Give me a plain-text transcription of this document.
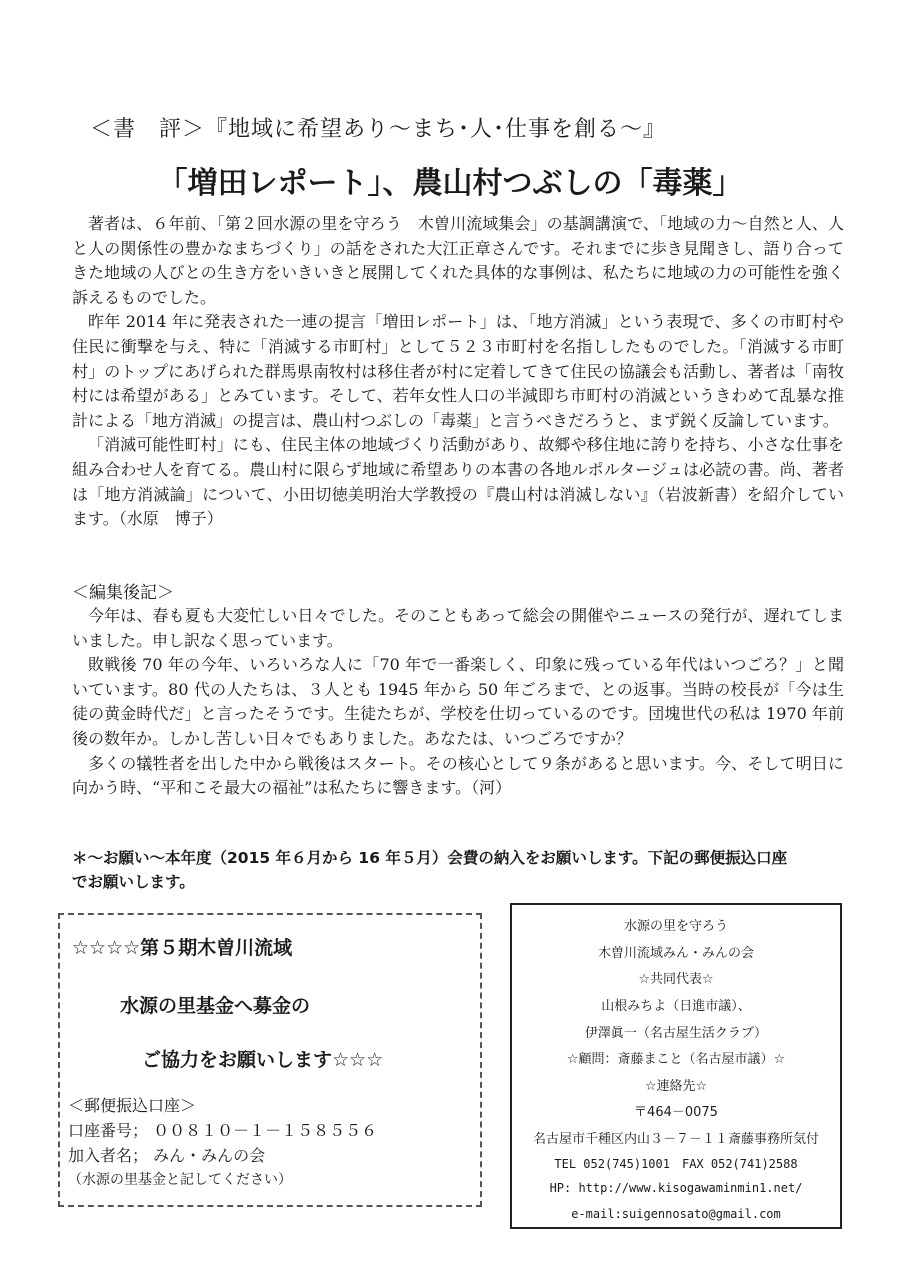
＜書　評＞『地域に希望あり～まち･人･仕事を創る～』
「増田レポート」、農山村つぶしの「毒薬」

著者は、６年前、「第２回水源の里を守ろう　木曽川流域集会」の基調講演で、「地域の力～自然と人、人と人の関係性の豊かなまちづくり」の話をされた大江正章さんです。それまでに歩き見聞きし、語り合ってきた地域の人びとの生き方をいきいきと展開してくれた具体的な事例は、私たちに地域の力の可能性を強く訴えるものでした。

昨年 2014 年に発表された一連の提言「増田レポート」は、「地方消滅」という表現で、多くの市町村や住民に衝撃を与え、特に「消滅する市町村」として５２３市町村を名指ししたものでした。「消滅する市町村」のトップにあげられた群馬県南牧村は移住者が村に定着してきて住民の協議会も活動し、著者は「南牧村には希望がある」とみています。そして、若年女性人口の半減即ち市町村の消滅というきわめて乱暴な推計による「地方消滅」の提言は、農山村つぶしの「毒薬」と言うべきだろうと、まず鋭く反論しています。

「消滅可能性町村」にも、住民主体の地域づくり活動があり、故郷や移住地に誇りを持ち、小さな仕事を組み合わせ人を育てる。農山村に限らず地域に希望ありの本書の各地ルポルタージュは必読の書。尚、著者は「地方消滅論」について、小田切徳美明治大学教授の『農山村は消滅しない』（岩波新書）を紹介しています。（水原　博子）

＜編集後記＞

今年は、春も夏も大変忙しい日々でした。そのこともあって総会の開催やニュースの発行が、遅れてしまいました。申し訳なく思っています。

敗戦後 70 年の今年、いろいろな人に「70 年で一番楽しく、印象に残っている年代はいつごろ？」と聞いています。80 代の人たちは、３人とも 1945 年から 50 年ごろまで、との返事。当時の校長が「今は生徒の黄金時代だ」と言ったそうです。生徒たちが、学校を仕切っているのです。団塊世代の私は 1970 年前後の数年か。しかし苦しい日々でもありました。あなたは、いつごろですか？

多くの犠牲者を出した中から戦後はスタート。その核心として９条があると思います。今、そして明日に向かう時、“平和こそ最大の福祉”は私たちに響きます。（河）

＊～お願い～本年度（2015 年６月から 16 年５月）会費の納入をお願いします。下記の郵便振込口座
でお願いします。
☆☆☆☆第５期木曽川流域
水源の里基金へ募金の
ご協力をお願いします☆☆☆
＜郵便振込口座＞
口座番号； ００８１０－１－１５８５５６
加入者名； みん・みんの会
（水源の里基金と記してください）
水源の里を守ろう
木曽川流域みん・みんの会
☆共同代表☆
山根みちよ（日進市議）、
伊澤眞一（名古屋生活クラブ）
☆顧問：斎藤まこと（名古屋市議）☆
☆連絡先☆
〒464－0075
名古屋市千種区内山３－７－１１斎藤事務所気付
TEL 052(745)1001　FAX 052(741)2588
HP: http://www.kisogawaminmin1.net/
e-mail:suigennosato@gmail.com
